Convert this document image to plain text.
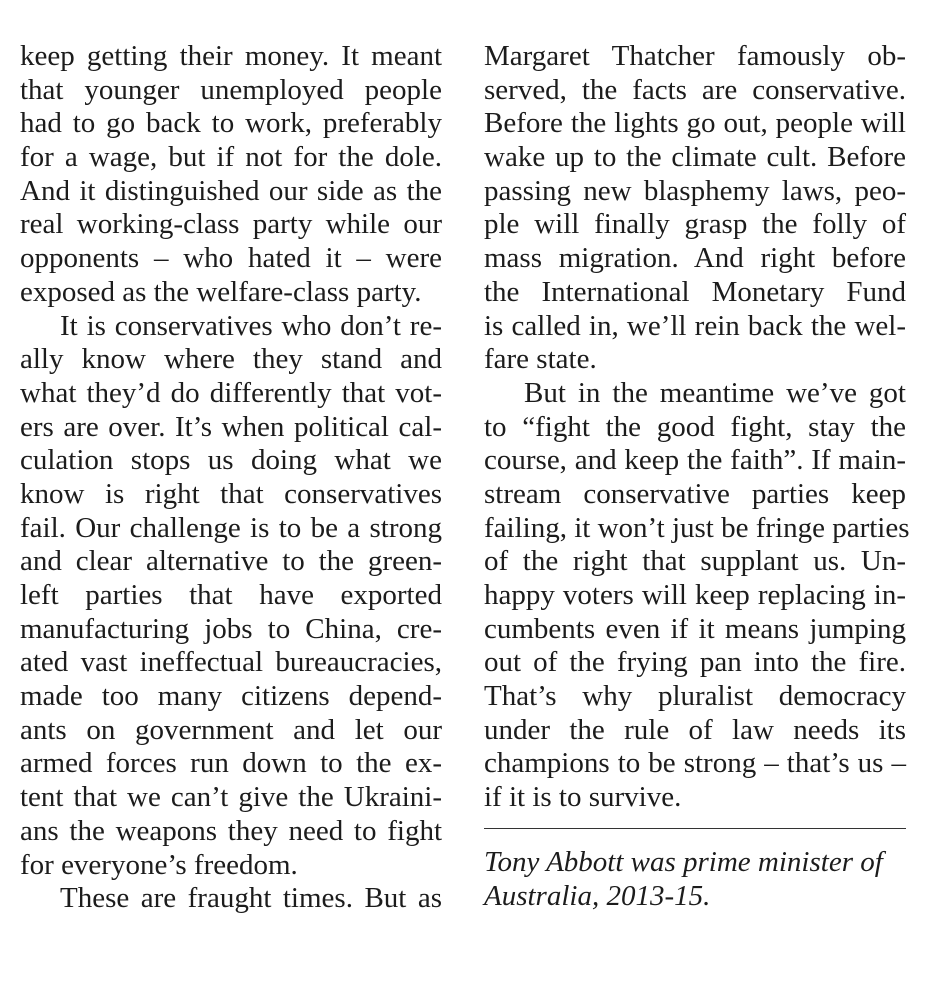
keep getting their money. It meant
that younger unemployed people
had to go back to work, preferably
for a wage, but if not for the dole.
And it distinguished our side as the
real working-class party while our
opponents – who hated it – were
exposed as the welfare-class party.
It is conservatives who don’t re-
ally know where they stand and
what they’d do differently that vot-
ers are over. It’s when political cal-
culation stops us doing what we
know is right that conservatives
fail. Our challenge is to be a strong
and clear alternative to the green-
left parties that have exported
manufacturing jobs to China, cre-
ated vast ineffectual bureaucracies,
made too many citizens depend-
ants on government and let our
armed forces run down to the ex-
tent that we can’t give the Ukraini-
ans the weapons they need to fight
for everyone’s freedom.
These are fraught times. But as
Margaret Thatcher famously ob-
served, the facts are conservative.
Before the lights go out, people will
wake up to the climate cult. Before
passing new blasphemy laws, peo-
ple will finally grasp the folly of
mass migration. And right before
the International Monetary Fund
is called in, we’ll rein back the wel-
fare state.
But in the meantime we’ve got
to “fight the good fight, stay the
course, and keep the faith”. If main-
stream conservative parties keep
failing, it won’t just be fringe parties
of the right that supplant us. Un-
happy voters will keep replacing in-
cumbents even if it means jumping
out of the frying pan into the fire.
That’s why pluralist democracy
under the rule of law needs its
champions to be strong – that’s us –
if it is to survive.
Tony Abbott was prime minister of
Australia, 2013-15.
